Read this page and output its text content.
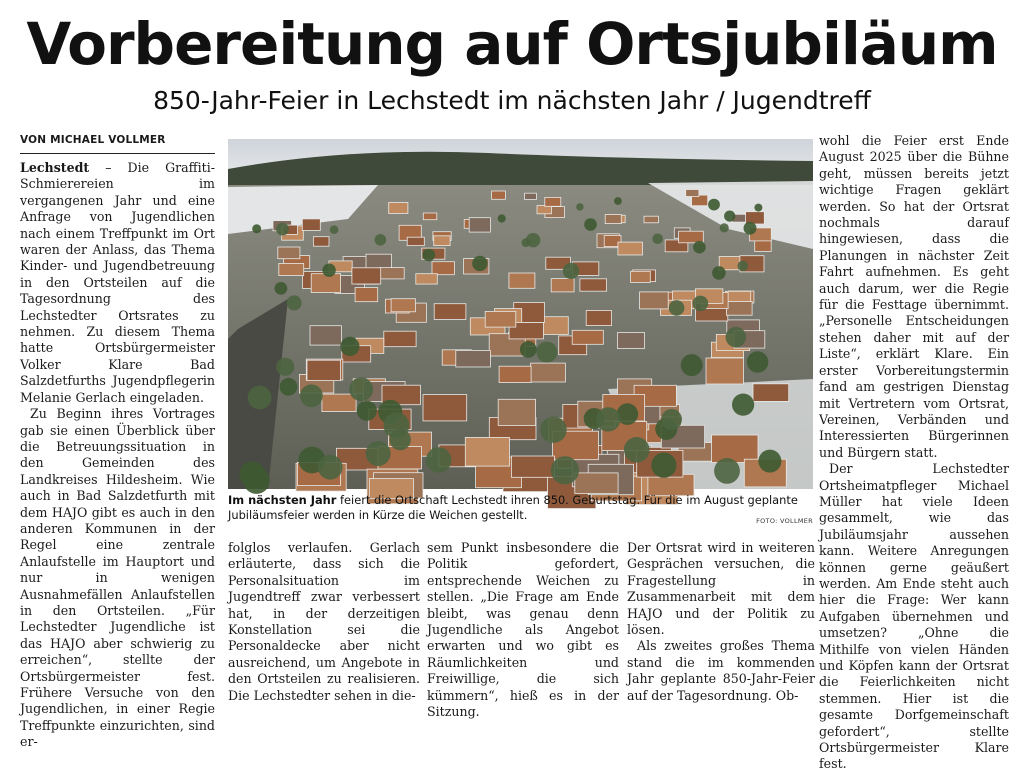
Vorbereitung auf Ortsjubiläum
850-Jahr-Feier in Lechstedt im nächsten Jahr / Jugendtreff
VON MICHAEL VOLLMER

Lechstedt – Die Graffiti-Schmierereien im vergangenen Jahr und eine Anfrage von Jugendlichen nach einem Treffpunkt im Ort waren der Anlass, das Thema Kinder- und Jugendbetreuung in den Ortsteilen auf die Tagesordnung des Lechstedter Ortsrates zu nehmen. Zu diesem Thema hatte Ortsbürgermeister Volker Klare Bad Salzdetfurths Jugendpflegerin Melanie Gerlach eingeladen.

Zu Beginn ihres Vortrages gab sie einen Überblick über die Betreuungssituation in den Gemeinden des Landkreises Hildesheim. Wie auch in Bad Salzdetfurth mit dem HAJO gibt es auch in den anderen Kommunen in der Regel eine zentrale Anlaufstelle im Hauptort und nur in wenigen Ausnahmefällen Anlaufstellen in den Ortsteilen. „Für Lechstedter Jugendliche ist das HAJO aber schwierig zu erreichen“, stellte der Ortsbürgermeister fest. Frühere Versuche von den Jugendlichen, in einer Regie Treffpunkte einzurichten, sind er-

Im nächsten Jahr feiert die Ortschaft Lechstedt ihren 850. Geburtstag. Für die im August geplante Jubiläumsfeier werden in Kürze die Weichen gestellt.	FOTO: VOLLMER

folglos verlaufen. Gerlach erläuterte, dass sich die Personalsituation im Jugendtreff zwar verbessert hat, in der derzeitigen Konstellation sei die Personaldecke aber nicht ausreichend, um Angebote in den Ortsteilen zu realisieren. Die Lechstedter sehen in die-

sem Punkt insbesondere die Politik gefordert, entsprechende Weichen zu stellen. „Die Frage am Ende bleibt, was genau denn Jugendliche als Angebot erwarten und wo gibt es Räumlichkeiten und Freiwillige, die sich kümmern“, hieß es in der Sitzung.

Der Ortsrat wird in weiteren Gesprächen versuchen, die Fragestellung in Zusammenarbeit mit dem HAJO und der Politik zu lösen.

Als zweites großes Thema stand die im kommenden Jahr geplante 850-Jahr-Feier auf der Tagesordnung. Ob-

wohl die Feier erst Ende August 2025 über die Bühne geht, müssen bereits jetzt wichtige Fragen geklärt werden. So hat der Ortsrat nochmals darauf hingewiesen, dass die Planungen in nächster Zeit Fahrt aufnehmen. Es geht auch darum, wer die Regie für die Festtage übernimmt. „Personelle Entscheidungen stehen daher mit auf der Liste“, erklärt Klare. Ein erster Vorbereitungstermin fand am gestrigen Dienstag mit Vertretern vom Ortsrat, Vereinen, Verbänden und Interessierten Bürgerinnen und Bürgern statt.

Der Lechstedter Ortsheimatpfleger Michael Müller hat viele Ideen gesammelt, wie das Jubiläumsjahr aussehen kann. Weitere Anregungen können gerne geäußert werden. Am Ende steht auch hier die Frage: Wer kann Aufgaben übernehmen und umsetzen? „Ohne die Mithilfe von vielen Händen und Köpfen kann der Ortsrat die Feierlichkeiten nicht stemmen. Hier ist die gesamte Dorfgemeinschaft gefordert“, stellte Ortsbürgermeister Klare fest.
